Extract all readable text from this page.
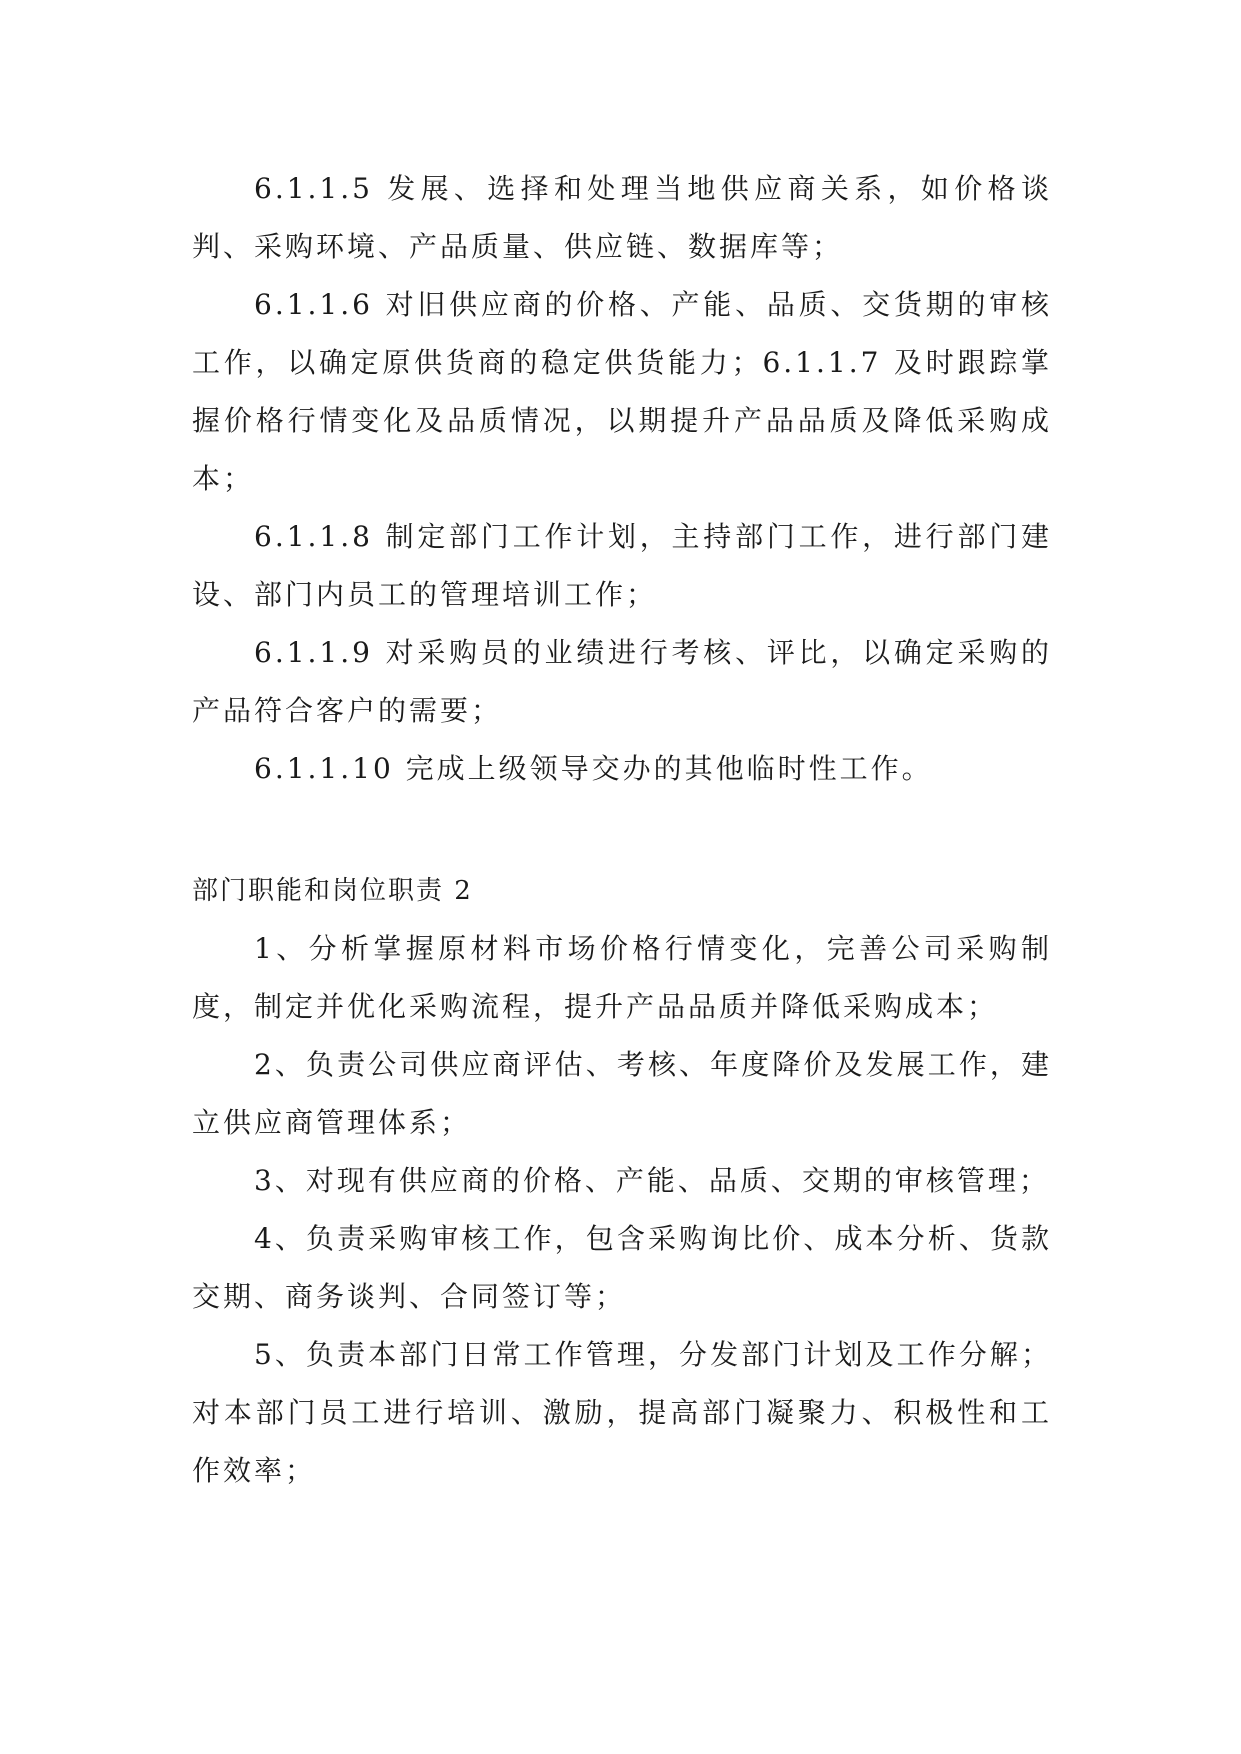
6.1.1.5 发展、选择和处理当地供应商关系，如价格谈判、采购环境、产品质量、供应链、数据库等；

6.1.1.6 对旧供应商的价格、产能、品质、交货期的审核工作，以确定原供货商的稳定供货能力；6.1.1.7 及时跟踪掌握价格行情变化及品质情况，以期提升产品品质及降低采购成本；

6.1.1.8 制定部门工作计划，主持部门工作，进行部门建设、部门内员工的管理培训工作；

6.1.1.9 对采购员的业绩进行考核、评比，以确定采购的产品符合客户的需要；

6.1.1.10 完成上级领导交办的其他临时性工作。

部门职能和岗位职责 2

1、分析掌握原材料市场价格行情变化，完善公司采购制度，制定并优化采购流程，提升产品品质并降低采购成本；

2、负责公司供应商评估、考核、年度降价及发展工作，建立供应商管理体系；

3、对现有供应商的价格、产能、品质、交期的审核管理；

4、负责采购审核工作，包含采购询比价、成本分析、货款交期、商务谈判、合同签订等；

5、负责本部门日常工作管理，分发部门计划及工作分解；对本部门员工进行培训、激励，提高部门凝聚力、积极性和工作效率；
